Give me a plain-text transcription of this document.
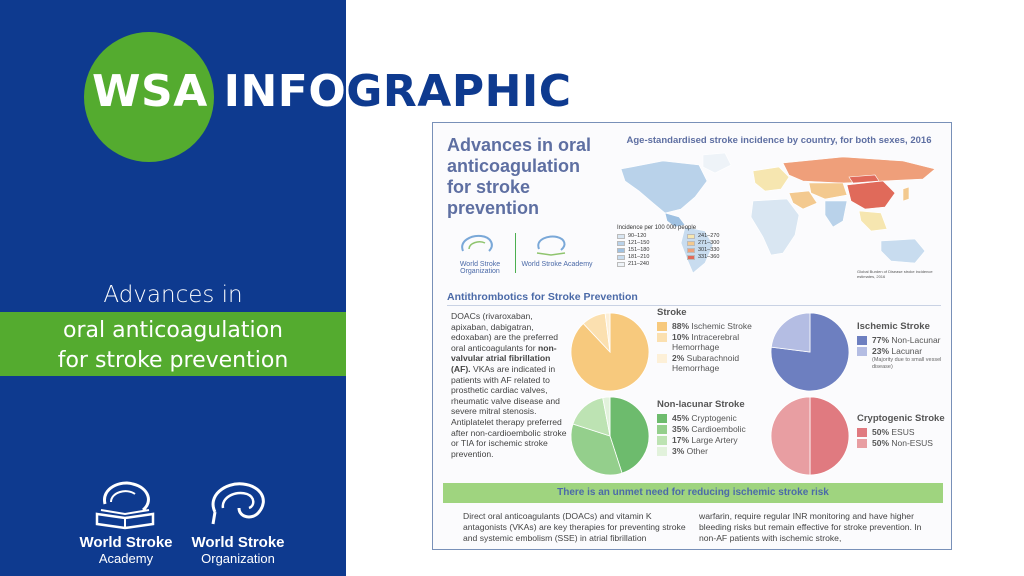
WSA INFOGRAPHIC
Advances in
oral anticoagulation
for stroke prevention
World Stroke
Academy
World Stroke
Organization
Advances in oral anticoagulation for stroke prevention
World Stroke Organization
World Stroke Academy
Age-standardised stroke incidence by country, for both sexes, 2016
Incidence per 100 000 people
90–120	241–270
121–150	271–300
151–180	301–330
181–210	331–360
211–240
Global Burden of Disease stroke incidence estimates, 2016
Antithrombotics for Stroke Prevention
DOACs (rivaroxaban, apixaban, dabigatran, edoxaban) are the preferred oral anticoagulants for non-valvular atrial fibrillation (AF). VKAs are indicated in patients with AF related to prosthetic cardiac valves, rheumatic valve disease and severe mitral stenosis. Antiplatelet therapy preferred after non-cardioembolic stroke or TIA for ischemic stroke prevention.
Stroke
88% Ischemic Stroke
10% Intracerebral Hemorrhage
2% Subarachnoid Hemorrhage
Ischemic Stroke
77% Non-Lacunar
23% Lacunar
(Majority due to small vessel disease)
Non-lacunar Stroke
45% Cryptogenic
35% Cardioembolic
17% Large Artery
3% Other
Cryptogenic Stroke
50% ESUS
50% Non-ESUS
There is an unmet need for reducing ischemic stroke risk
Direct oral anticoagulants (DOACs) and vitamin K antagonists (VKAs) are key therapies for preventing stroke and systemic embolism (SSE) in atrial fibrillation
warfarin, require regular INR monitoring and have higher bleeding risks but remain effective for stroke prevention. In non-AF patients with ischemic stroke,
